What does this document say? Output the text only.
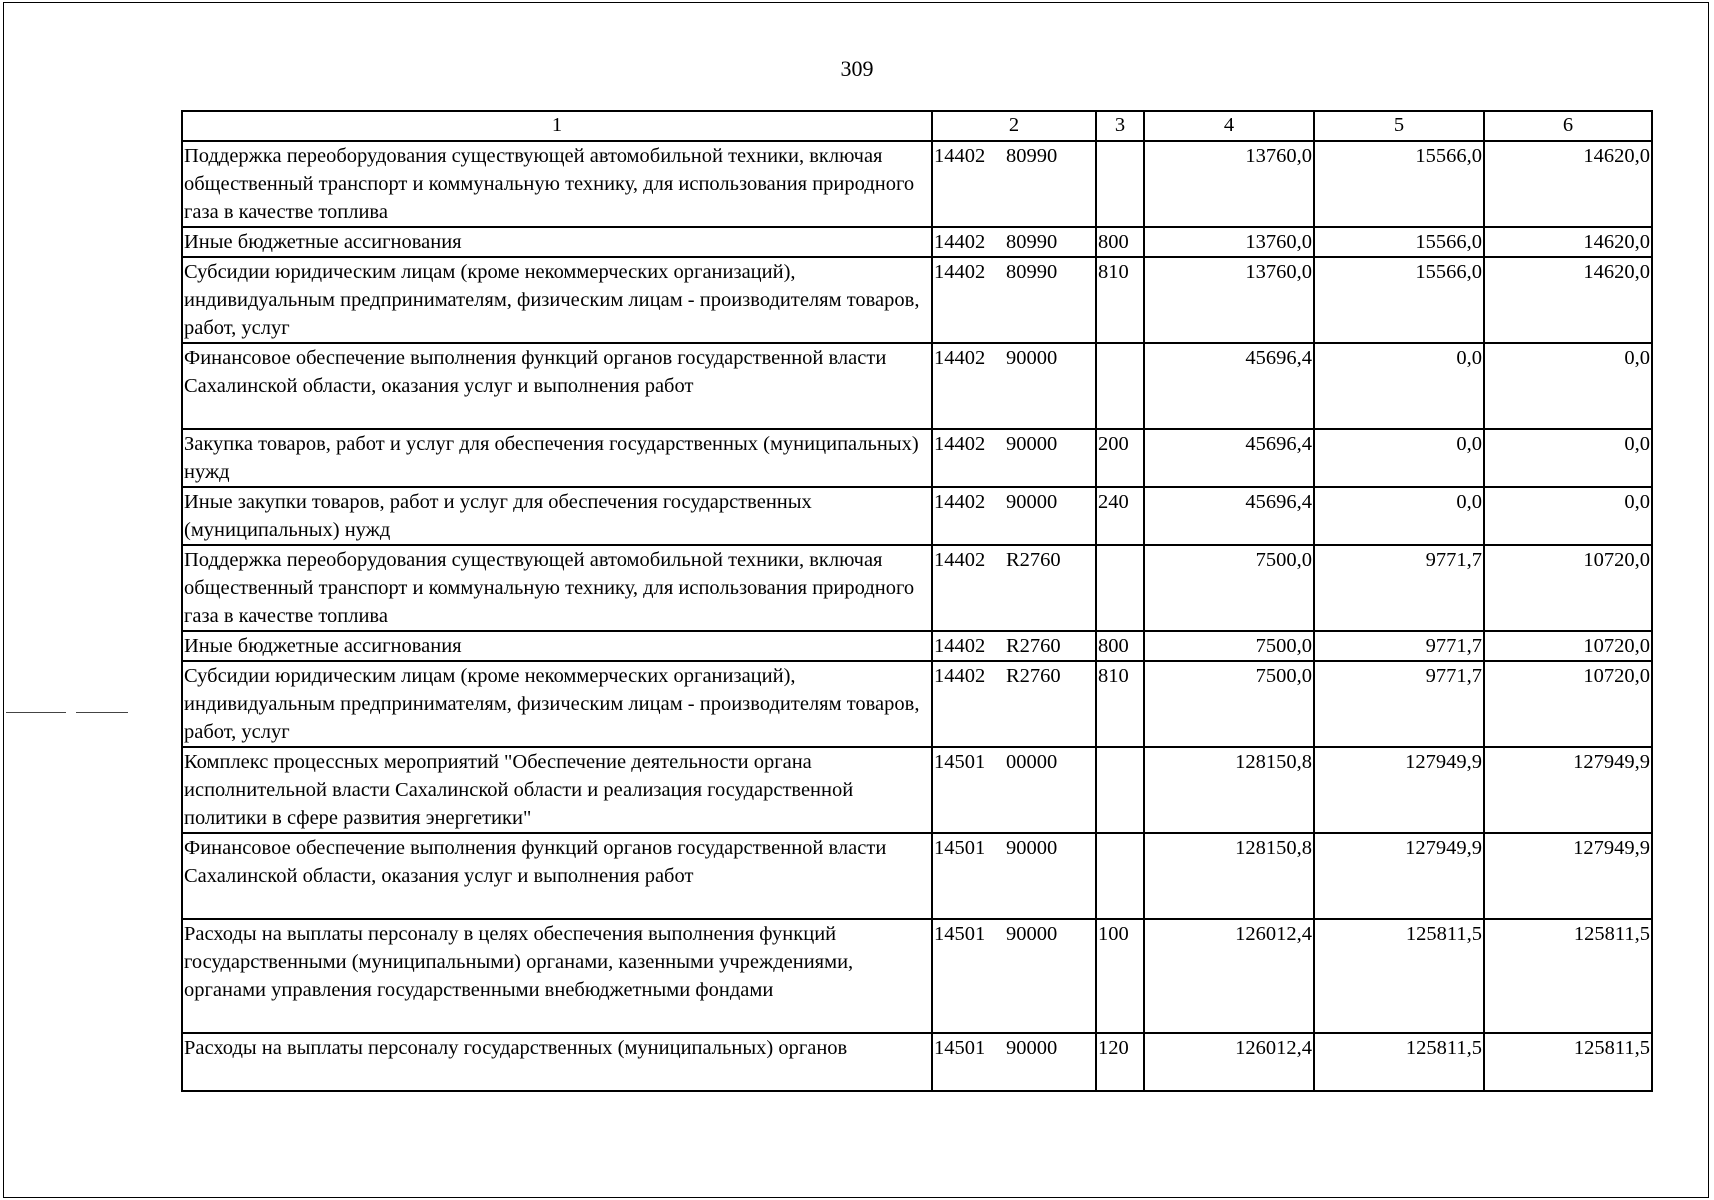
309
1	2	3	4	5	6
Поддержка переоборудования существующей автомобильной техники, включая общественный транспорт и коммунальную технику, для использования природного газа в качестве топлива	14402 80990		13760,0	15566,0	14620,0
Иные бюджетные ассигнования	14402 80990	800	13760,0	15566,0	14620,0
Субсидии юридическим лицам (кроме некоммерческих организаций), индивидуальным предпринимателям, физическим лицам - производителям товаров, работ, услуг	14402 80990	810	13760,0	15566,0	14620,0
Финансовое обеспечение выполнения функций органов государственной власти Сахалинской области, оказания услуг и выполнения работ	14402 90000		45696,4	0,0	0,0
Закупка товаров, работ и услуг для обеспечения государственных (муниципальных) нужд	14402 90000	200	45696,4	0,0	0,0
Иные закупки товаров, работ и услуг для обеспечения государственных (муниципальных) нужд	14402 90000	240	45696,4	0,0	0,0
Поддержка переоборудования существующей автомобильной техники, включая общественный транспорт и коммунальную технику, для использования природного газа в качестве топлива	14402 R2760		7500,0	9771,7	10720,0
Иные бюджетные ассигнования	14402 R2760	800	7500,0	9771,7	10720,0
Субсидии юридическим лицам (кроме некоммерческих организаций), индивидуальным предпринимателям, физическим лицам - производителям товаров, работ, услуг	14402 R2760	810	7500,0	9771,7	10720,0
Комплекс процессных мероприятий "Обеспечение деятельности органа исполнительной власти Сахалинской области и реализация государственной политики в сфере развития энергетики"	14501 00000		128150,8	127949,9	127949,9
Финансовое обеспечение выполнения функций органов государственной власти Сахалинской области, оказания услуг и выполнения работ	14501 90000		128150,8	127949,9	127949,9
Расходы на выплаты персоналу в целях обеспечения выполнения функций государственными (муниципальными) органами, казенными учреждениями, органами управления государственными внебюджетными фондами	14501 90000	100	126012,4	125811,5	125811,5
Расходы на выплаты персоналу государственных (муниципальных) органов	14501 90000	120	126012,4	125811,5	125811,5
